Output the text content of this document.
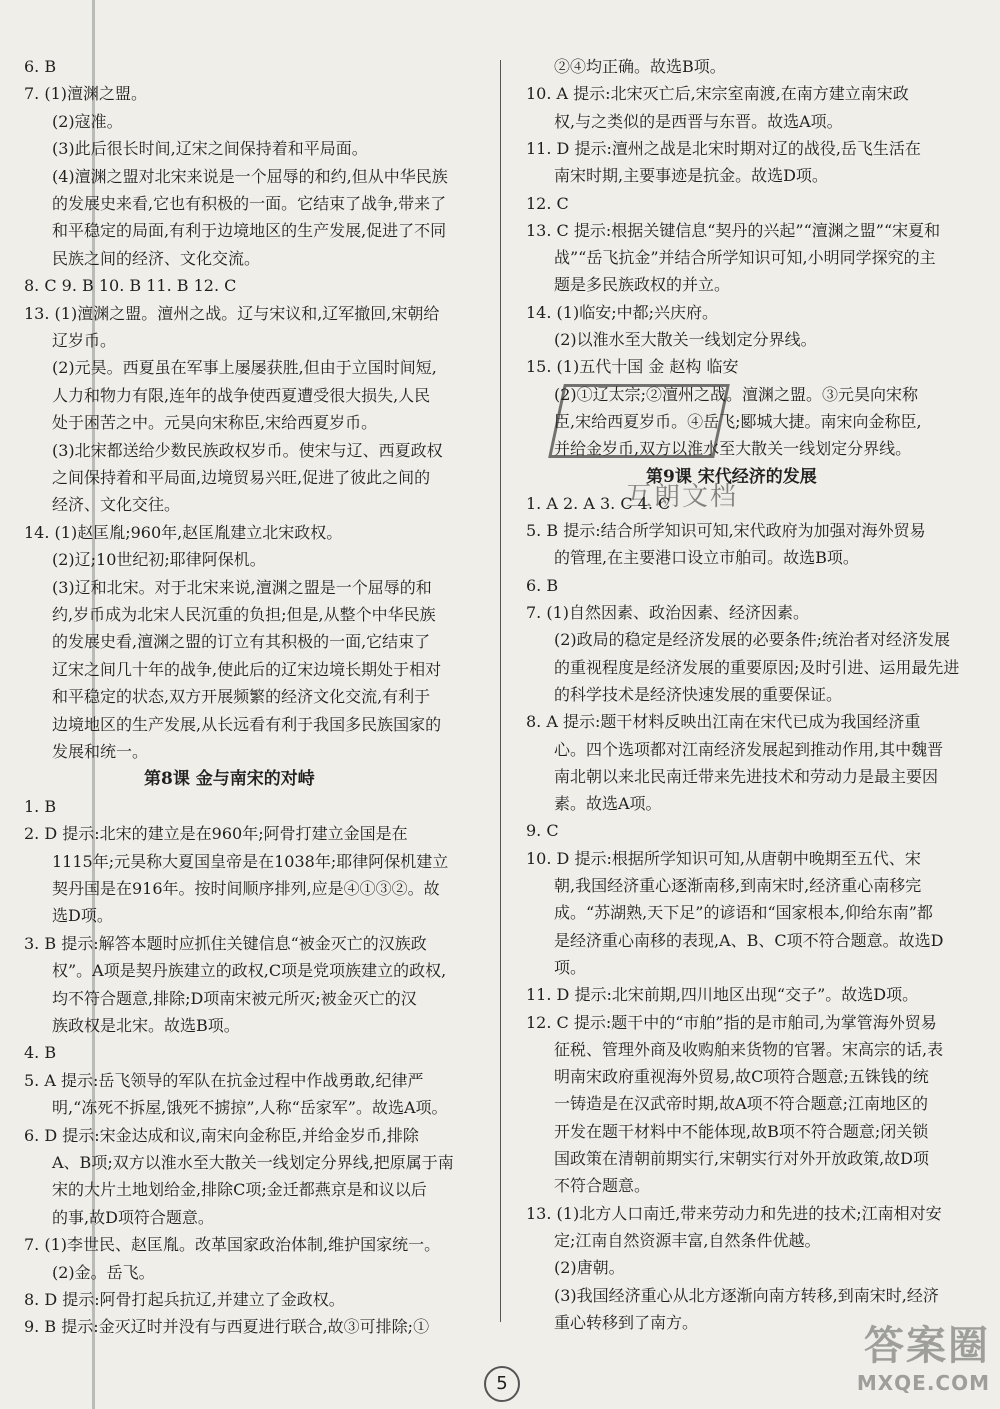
6. B
7. (1)澶渊之盟。
(2)寇准。
(3)此后很长时间,辽宋之间保持着和平局面。
(4)澶渊之盟对北宋来说是一个屈辱的和约,但从中华民族
的发展史来看,它也有积极的一面。它结束了战争,带来了
和平稳定的局面,有利于边境地区的生产发展,促进了不同
民族之间的经济、文化交流。
8. C 9. B 10. B 11. B 12. C
13. (1)澶渊之盟。澶州之战。辽与宋议和,辽军撤回,宋朝给
辽岁币。
(2)元昊。西夏虽在军事上屡屡获胜,但由于立国时间短,
人力和物力有限,连年的战争使西夏遭受很大损失,人民
处于困苦之中。元昊向宋称臣,宋给西夏岁币。
(3)北宋都送给少数民族政权岁币。使宋与辽、西夏政权
之间保持着和平局面,边境贸易兴旺,促进了彼此之间的
经济、文化交往。
14. (1)赵匡胤;960年,赵匡胤建立北宋政权。
(2)辽;10世纪初;耶律阿保机。
(3)辽和北宋。对于北宋来说,澶渊之盟是一个屈辱的和
约,岁币成为北宋人民沉重的负担;但是,从整个中华民族
的发展史看,澶渊之盟的订立有其积极的一面,它结束了
辽宋之间几十年的战争,使此后的辽宋边境长期处于相对
和平稳定的状态,双方开展频繁的经济文化交流,有利于
边境地区的生产发展,从长远看有利于我国多民族国家的
发展和统一。
第8课 金与南宋的对峙
1. B
2. D 提示:北宋的建立是在960年;阿骨打建立金国是在
1115年;元昊称大夏国皇帝是在1038年;耶律阿保机建立
契丹国是在916年。按时间顺序排列,应是④①③②。故
选D项。
3. B 提示:解答本题时应抓住关键信息“被金灭亡的汉族政
权”。A项是契丹族建立的政权,C项是党项族建立的政权,
均不符合题意,排除;D项南宋被元所灭;被金灭亡的汉
族政权是北宋。故选B项。
4. B
5. A 提示:岳飞领导的军队在抗金过程中作战勇敢,纪律严
明,“冻死不拆屋,饿死不掳掠”,人称“岳家军”。故选A项。
6. D 提示:宋金达成和议,南宋向金称臣,并给金岁币,排除
A、B项;双方以淮水至大散关一线划定分界线,把原属于南
宋的大片土地划给金,排除C项;金迁都燕京是和议以后
的事,故D项符合题意。
7. (1)李世民、赵匡胤。改革国家政治体制,维护国家统一。
(2)金。岳飞。
8. D 提示:阿骨打起兵抗辽,并建立了金政权。
9. B 提示:金灭辽时并没有与西夏进行联合,故③可排除;①
②④均正确。故选B项。
10. A 提示:北宋灭亡后,宋宗室南渡,在南方建立南宋政
权,与之类似的是西晋与东晋。故选A项。
11. D 提示:澶州之战是北宋时期对辽的战役,岳飞生活在
南宋时期,主要事迹是抗金。故选D项。
12. C
13. C 提示:根据关键信息“契丹的兴起”“澶渊之盟”“宋夏和
战”“岳飞抗金”并结合所学知识可知,小明同学探究的主
题是多民族政权的并立。
14. (1)临安;中都;兴庆府。
(2)以淮水至大散关一线划定分界线。
15. (1)五代十国 金 赵构 临安
(2)①辽太宗;②澶州之战。澶渊之盟。③元昊向宋称
臣,宋给西夏岁币。④岳飞;郾城大捷。南宋向金称臣,
并给金岁币,双方以淮水至大散关一线划定分界线。
第9课 宋代经济的发展
1. A 2. A 3. C 4. C
5. B 提示:结合所学知识可知,宋代政府为加强对海外贸易
的管理,在主要港口设立市舶司。故选B项。
6. B
7. (1)自然因素、政治因素、经济因素。
(2)政局的稳定是经济发展的必要条件;统治者对经济发展
的重视程度是经济发展的重要原因;及时引进、运用最先进
的科学技术是经济快速发展的重要保证。
8. A 提示:题干材料反映出江南在宋代已成为我国经济重
心。四个选项都对江南经济发展起到推动作用,其中魏晋
南北朝以来北民南迁带来先进技术和劳动力是最主要因
素。故选A项。
9. C
10. D 提示:根据所学知识可知,从唐朝中晚期至五代、宋
朝,我国经济重心逐渐南移,到南宋时,经济重心南移完
成。“苏湖熟,天下足”的谚语和“国家根本,仰给东南”都
是经济重心南移的表现,A、B、C项不符合题意。故选D
项。
11. D 提示:北宋前期,四川地区出现“交子”。故选D项。
12. C 提示:题干中的“市舶”指的是市舶司,为掌管海外贸易
征税、管理外商及收购舶来货物的官署。宋高宗的话,表
明南宋政府重视海外贸易,故C项符合题意;五铢钱的统
一铸造是在汉武帝时期,故A项不符合题意;江南地区的
开发在题干材料中不能体现,故B项不符合题意;闭关锁
国政策在清朝前期实行,宋朝实行对外开放政策,故D项
不符合题意。
13. (1)北方人口南迁,带来劳动力和先进的技术;江南相对安
定;江南自然资源丰富,自然条件优越。
(2)唐朝。
(3)我国经济重心从北方逐渐向南方转移,到南宋时,经济
重心转移到了南方。
互朗文档
5
答案圈
MXQE.COM
